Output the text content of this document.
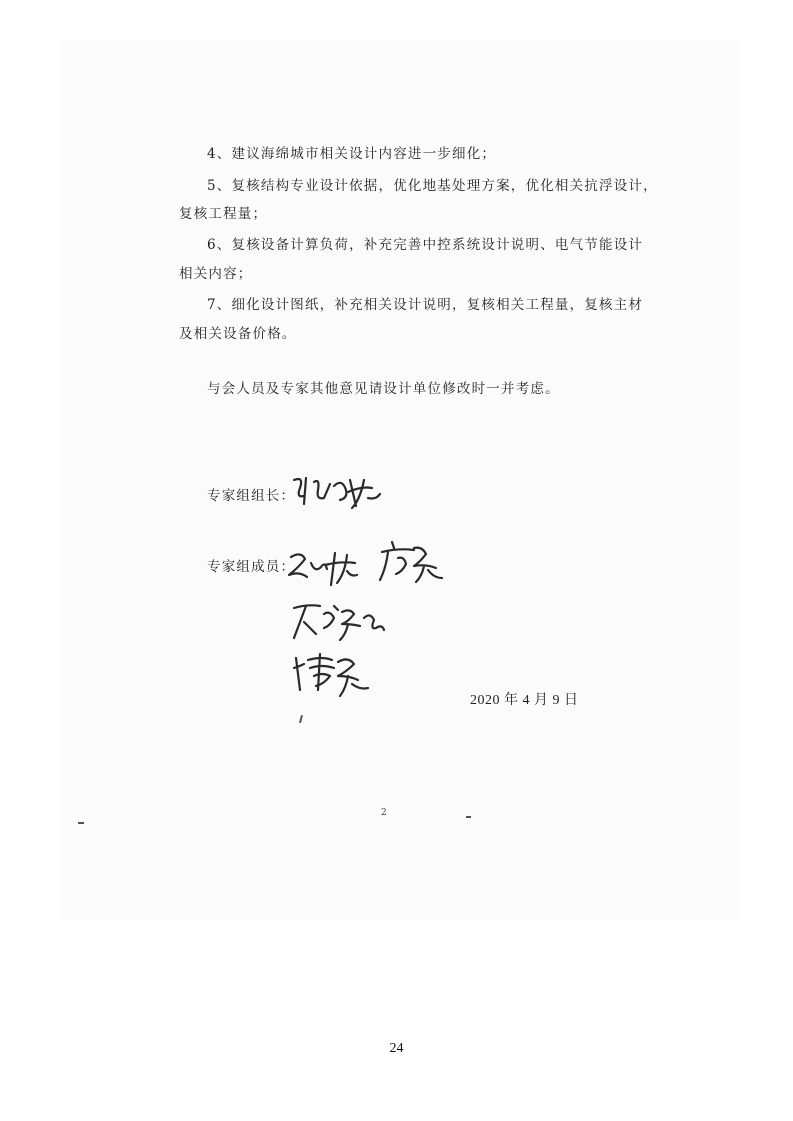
4、建议海绵城市相关设计内容进一步细化；
5、复核结构专业设计依据，优化地基处理方案，优化相关抗浮设计，
复核工程量；
6、复核设备计算负荷，补充完善中控系统设计说明、电气节能设计
相关内容；
7、细化设计图纸，补充相关设计说明，复核相关工程量，复核主材
及相关设备价格。
与会人员及专家其他意见请设计单位修改时一并考虑。
专家组组长：
专家组成员：
2020 年 4 月 9 日
2
24
